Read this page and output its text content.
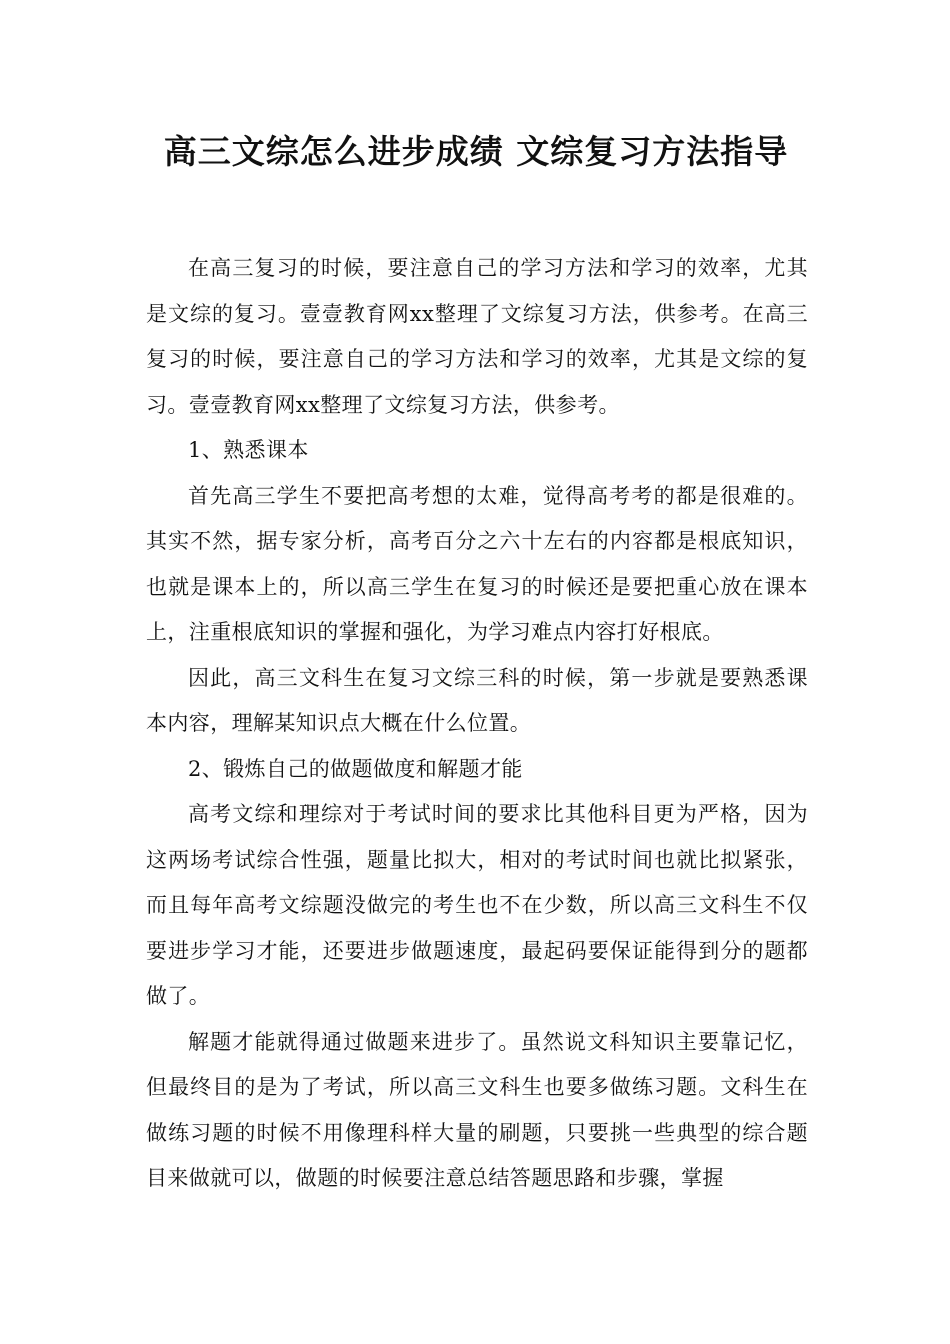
高三文综怎么进步成绩 文综复习方法指导

在高三复习的时候，要注意自己的学习方法和学习的效率，尤其是文综的复习。壹壹教育网xx整理了文综复习方法，供参考。在高三复习的时候，要注意自己的学习方法和学习的效率，尤其是文综的复习。壹壹教育网xx整理了文综复习方法，供参考。

1、熟悉课本

首先高三学生不要把高考想的太难，觉得高考考的都是很难的。其实不然，据专家分析，高考百分之六十左右的内容都是根底知识，也就是课本上的，所以高三学生在复习的时候还是要把重心放在课本上，注重根底知识的掌握和强化，为学习难点内容打好根底。

因此，高三文科生在复习文综三科的时候，第一步就是要熟悉课本内容，理解某知识点大概在什么位置。

2、锻炼自己的做题做度和解题才能

高考文综和理综对于考试时间的要求比其他科目更为严格，因为这两场考试综合性强，题量比拟大，相对的考试时间也就比拟紧张，而且每年高考文综题没做完的考生也不在少数，所以高三文科生不仅要进步学习才能，还要进步做题速度，最起码要保证能得到分的题都做了。

解题才能就得通过做题来进步了。虽然说文科知识主要靠记忆，但最终目的是为了考试，所以高三文科生也要多做练习题。文科生在做练习题的时候不用像理科样大量的刷题，只要挑一些典型的综合题目来做就可以，做题的时候要注意总结答题思路和步骤，掌握
